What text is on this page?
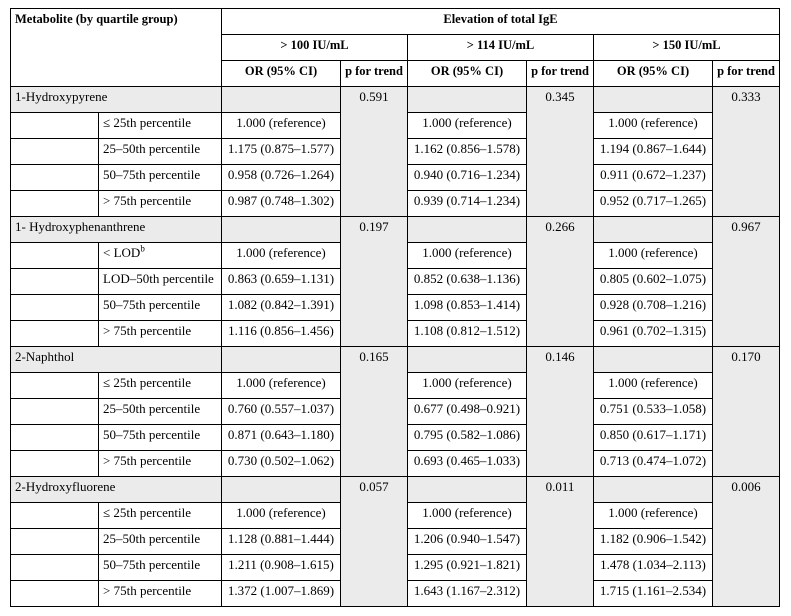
Metabolite (by quartile group)		Elevation of total IgE					
		> 100 IU/mL		> 114 IU/mL		> 150 IU/mL	
		OR (95% CI)	p for trend	OR (95% CI)	p for trend	OR (95% CI)	p for trend
1-Hydroxypyrene			0.591		0.345		0.333
	≤ 25th percentile	1.000 (reference)		1.000 (reference)		1.000 (reference)	
	25–50th percentile	1.175 (0.875–1.577)		1.162 (0.856–1.578)		1.194 (0.867–1.644)	
	50–75th percentile	0.958 (0.726–1.264)		0.940 (0.716–1.234)		0.911 (0.672–1.237)	
	> 75th percentile	0.987 (0.748–1.302)		0.939 (0.714–1.234)		0.952 (0.717–1.265)	
1- Hydroxyphenanthrene			0.197		0.266		0.967
	< $LOD^b$	1.000 (reference)		1.000 (reference)		1.000 (reference)	
	LOD–50th percentile	0.863 (0.659–1.131)		0.852 (0.638–1.136)		0.805 (0.602–1.075)	
	50–75th percentile	1.082 (0.842–1.391)		1.098 (0.853–1.414)		0.928 (0.708–1.216)	
	> 75th percentile	1.116 (0.856–1.456)		1.108 (0.812–1.512)		0.961 (0.702–1.315)	
2-Naphthol			0.165		0.146		0.170
	≤ 25th percentile	1.000 (reference)		1.000 (reference)		1.000 (reference)	
	25–50th percentile	0.760 (0.557–1.037)		0.677 (0.498–0.921)		0.751 (0.533–1.058)	
	50–75th percentile	0.871 (0.643–1.180)		0.795 (0.582–1.086)		0.850 (0.617–1.171)	
	> 75th percentile	0.730 (0.502–1.062)		0.693 (0.465–1.033)		0.713 (0.474–1.072)	
2-Hydroxyfluorene			0.057		0.011		0.006
	≤ 25th percentile	1.000 (reference)		1.000 (reference)		1.000 (reference)	
	25–50th percentile	1.128 (0.881–1.444)		1.206 (0.940–1.547)		1.182 (0.906–1.542)	
	50–75th percentile	1.211 (0.908–1.615)		1.295 (0.921–1.821)		1.478 (1.034–2.113)	
	> 75th percentile	1.372 (1.007–1.869)		1.643 (1.167–2.312)		1.715 (1.161–2.534)	
